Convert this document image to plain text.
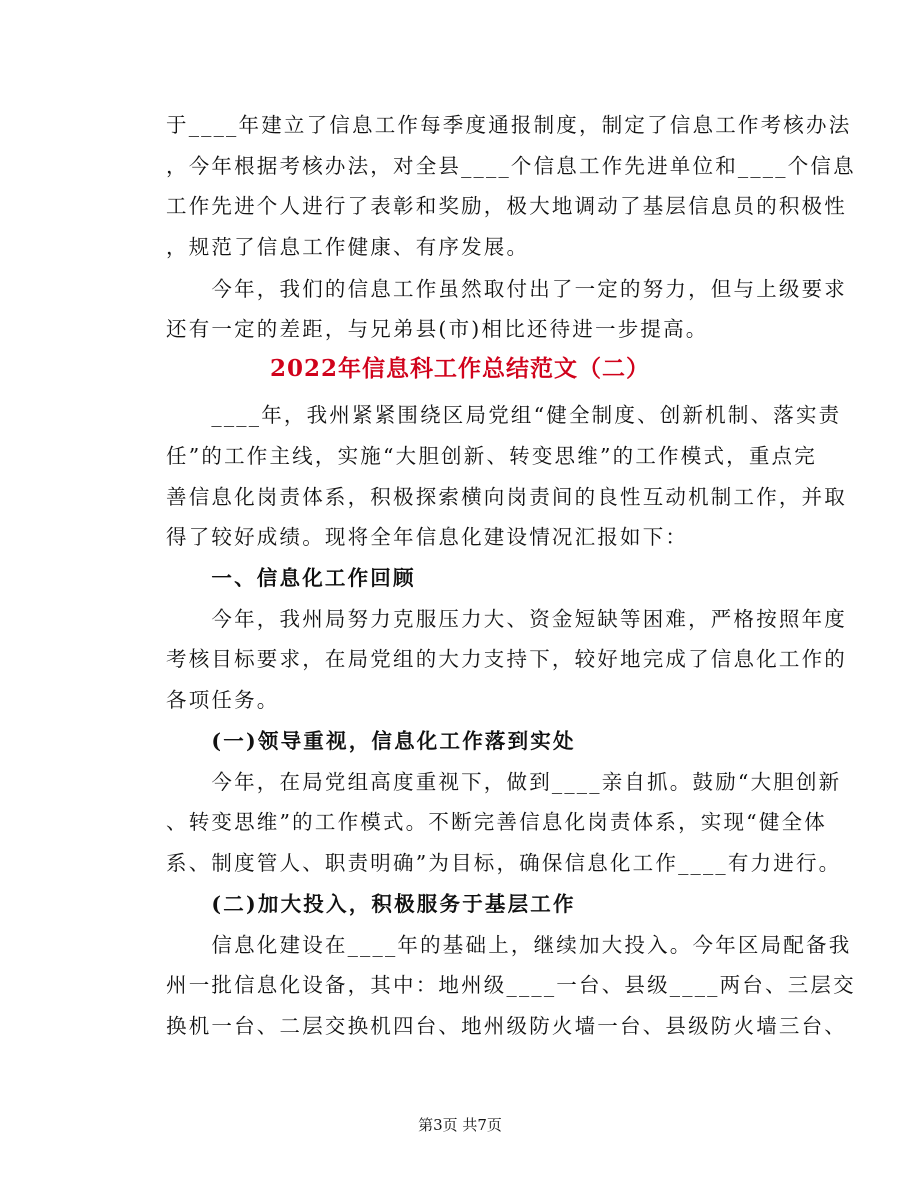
于____年建立了信息工作每季度通报制度，制定了信息工作考核办法
，今年根据考核办法，对全县____个信息工作先进单位和____个信息
工作先进个人进行了表彰和奖励，极大地调动了基层信息员的积极性
，规范了信息工作健康、有序发展。
　　今年，我们的信息工作虽然取付出了一定的努力，但与上级要求
还有一定的差距，与兄弟县(市)相比还待进一步提高。
2022年信息科工作总结范文（二）
　　____年，我州紧紧围绕区局党组“健全制度、创新机制、落实责
任”的工作主线，实施“大胆创新、转变思维”的工作模式，重点完
善信息化岗责体系，积极探索横向岗责间的良性互动机制工作，并取
得了较好成绩。现将全年信息化建设情况汇报如下：
　　一、信息化工作回顾
　　今年，我州局努力克服压力大、资金短缺等困难，严格按照年度
考核目标要求，在局党组的大力支持下，较好地完成了信息化工作的
各项任务。
　　(一)领导重视，信息化工作落到实处
　　今年，在局党组高度重视下，做到____亲自抓。鼓励“大胆创新
、转变思维”的工作模式。不断完善信息化岗责体系，实现“健全体
系、制度管人、职责明确”为目标，确保信息化工作____有力进行。
　　(二)加大投入，积极服务于基层工作
　　信息化建设在____年的基础上，继续加大投入。今年区局配备我
州一批信息化设备，其中：地州级____一台、县级____两台、三层交
换机一台、二层交换机四台、地州级防火墙一台、县级防火墙三台、
第3页 共7页
